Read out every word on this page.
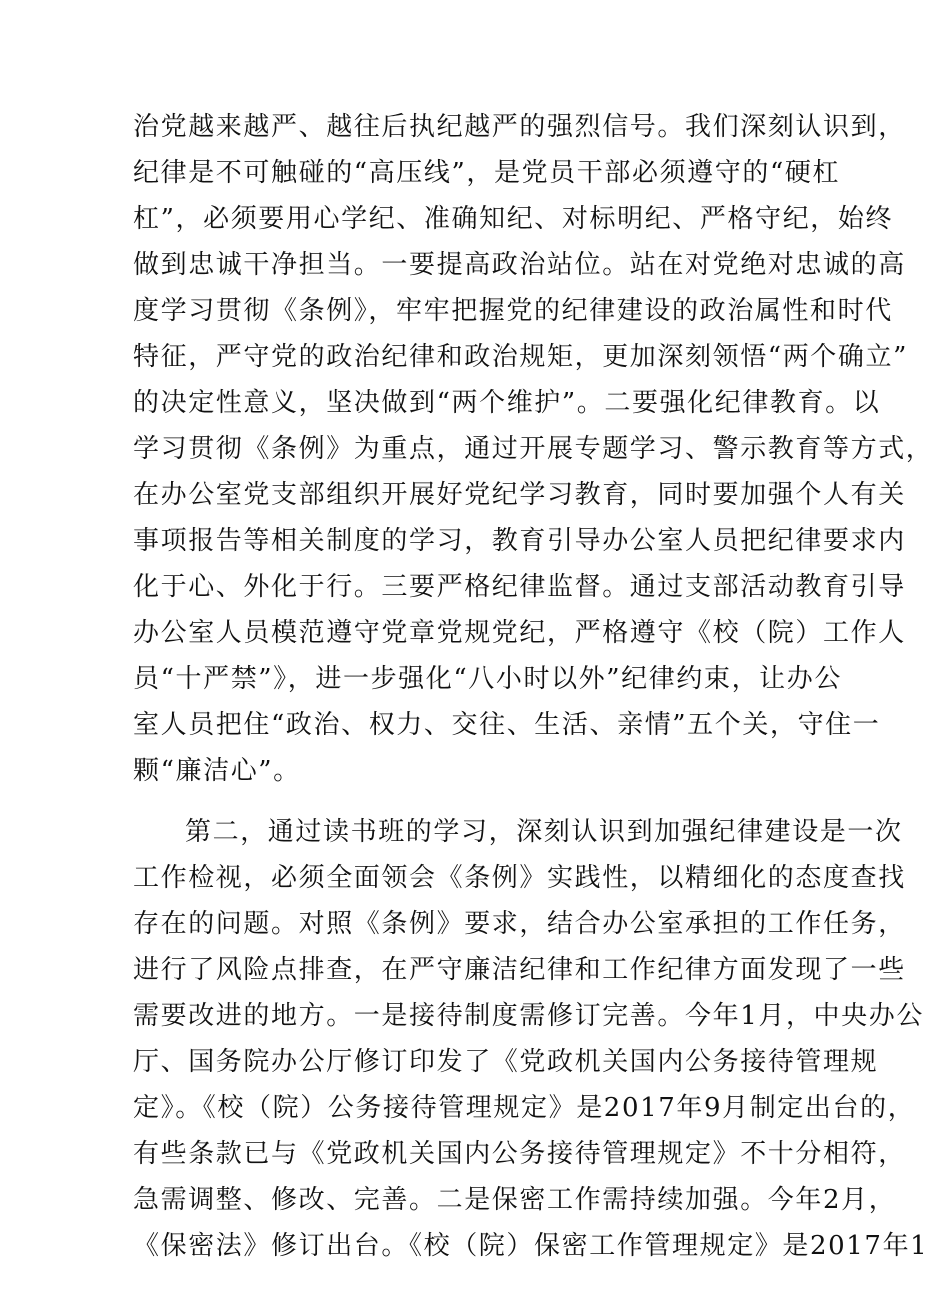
治党越来越严、越往后执纪越严的强烈信号。我们深刻认识到，
纪律是不可触碰的“高压线”，是党员干部必须遵守的“硬杠
杠”，必须要用心学纪、准确知纪、对标明纪、严格守纪，始终
做到忠诚干净担当。一要提高政治站位。站在对党绝对忠诚的高
度学习贯彻《条例》，牢牢把握党的纪律建设的政治属性和时代
特征，严守党的政治纪律和政治规矩，更加深刻领悟“两个确立”
的决定性意义，坚决做到“两个维护”。二要强化纪律教育。以
学习贯彻《条例》为重点，通过开展专题学习、警示教育等方式，
在办公室党支部组织开展好党纪学习教育，同时要加强个人有关
事项报告等相关制度的学习，教育引导办公室人员把纪律要求内
化于心、外化于行。三要严格纪律监督。通过支部活动教育引导
办公室人员模范遵守党章党规党纪，严格遵守《校（院）工作人
员“十严禁”》，进一步强化“八小时以外”纪律约束，让办公
室人员把住“政治、权力、交往、生活、亲情”五个关，守住一
颗“廉洁心”。
第二，通过读书班的学习，深刻认识到加强纪律建设是一次
工作检视，必须全面领会《条例》实践性，以精细化的态度查找
存在的问题。对照《条例》要求，结合办公室承担的工作任务，
进行了风险点排查，在严守廉洁纪律和工作纪律方面发现了一些
需要改进的地方。一是接待制度需修订完善。今年1月，中央办公
厅、国务院办公厅修订印发了《党政机关国内公务接待管理规
定》。《校（院）公务接待管理规定》是2017年9月制定出台的，
有些条款已与《党政机关国内公务接待管理规定》不十分相符，
急需调整、修改、完善。二是保密工作需持续加强。今年2月，
《保密法》修订出台。《校（院）保密工作管理规定》是2017年1
